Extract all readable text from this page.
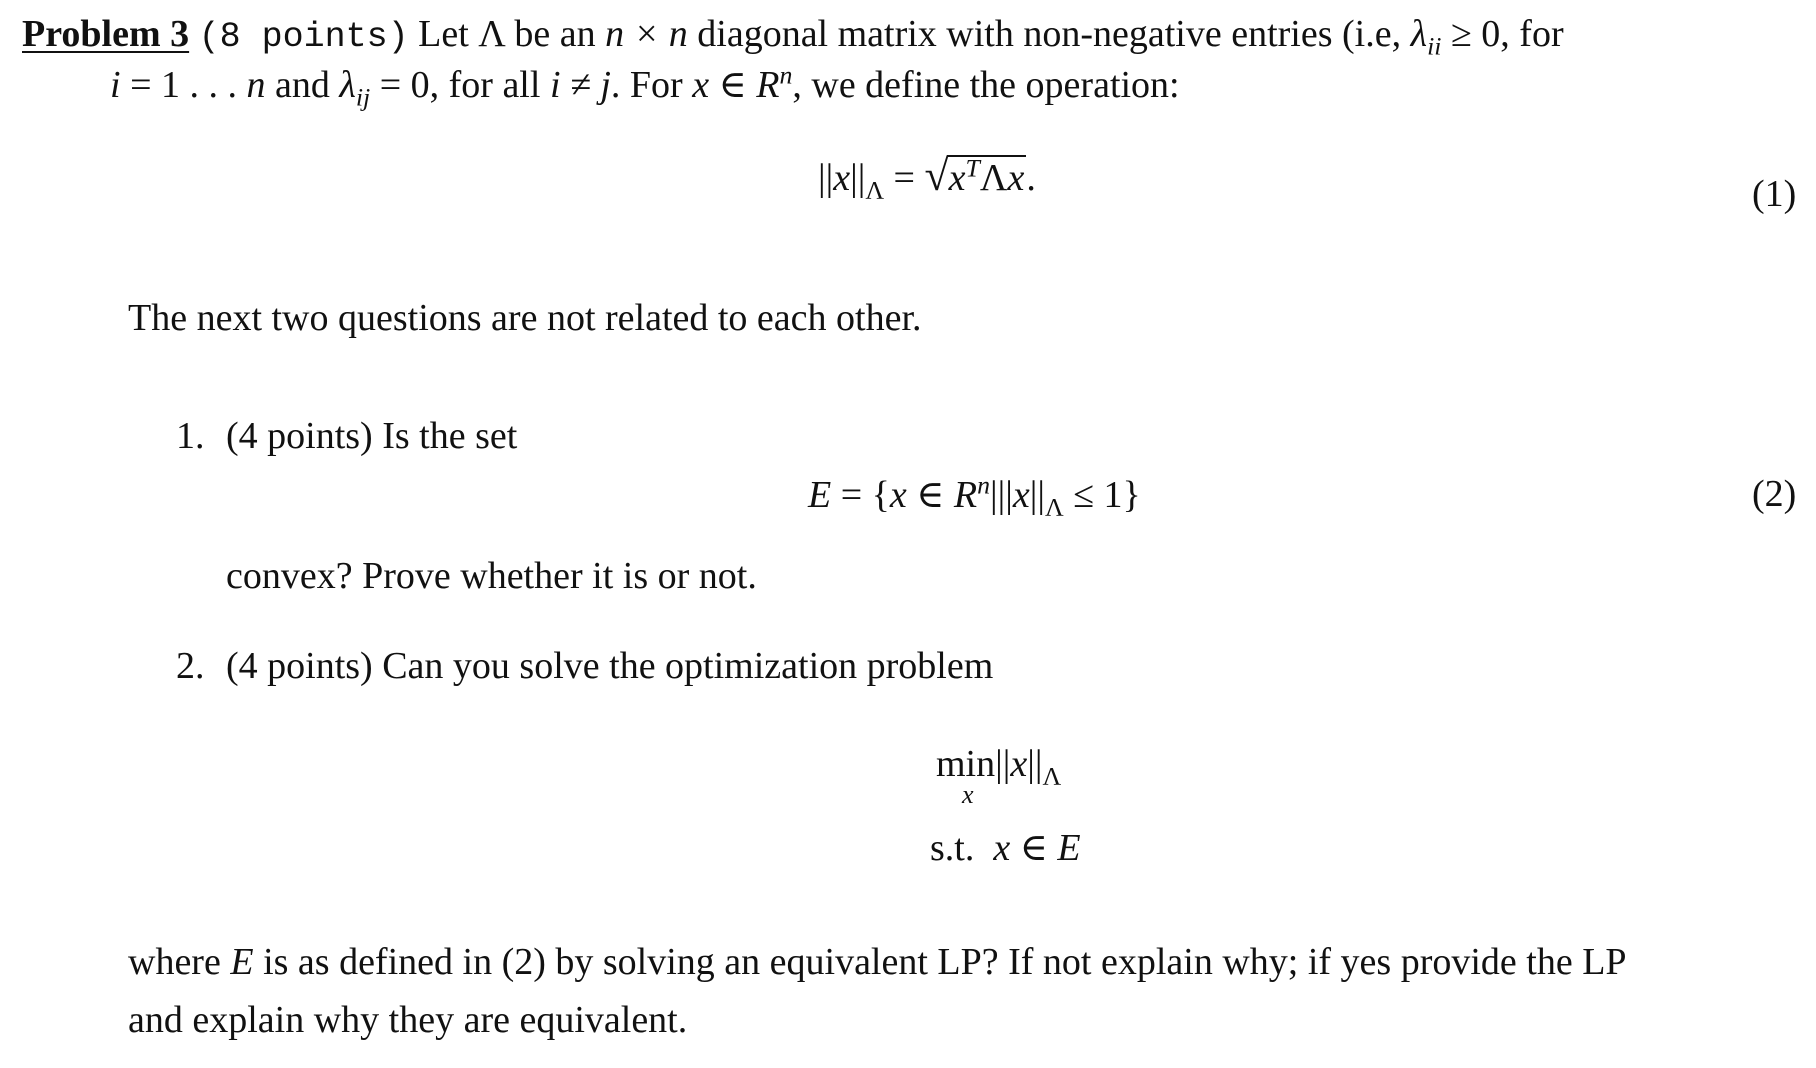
Problem 3 (8 points) Let Λ be an n × n diagonal matrix with non-negative entries (i.e, $\lambda_{ii} \ge 0$, for
i = 1 . . . n and $\lambda_{ij} = 0$, for all i ≠ j. For x ∈ $R^n$, we define the operation:
$||x||_\Lambda = √x^T\Lambda x$.	(1)
The next two questions are not related to each other.
1. (4 points) Is the set
E = {x ∈ $R^n|||x||_\Lambda \le 1$}	(2)
convex? Prove whether it is or not.
2. (4 points) Can you solve the optimization problem
$\min||x||_\Lambda$
x
s.t. x ∈ E
where E is as defined in (2) by solving an equivalent LP? If not explain why; if yes provide the LP
and explain why they are equivalent.
